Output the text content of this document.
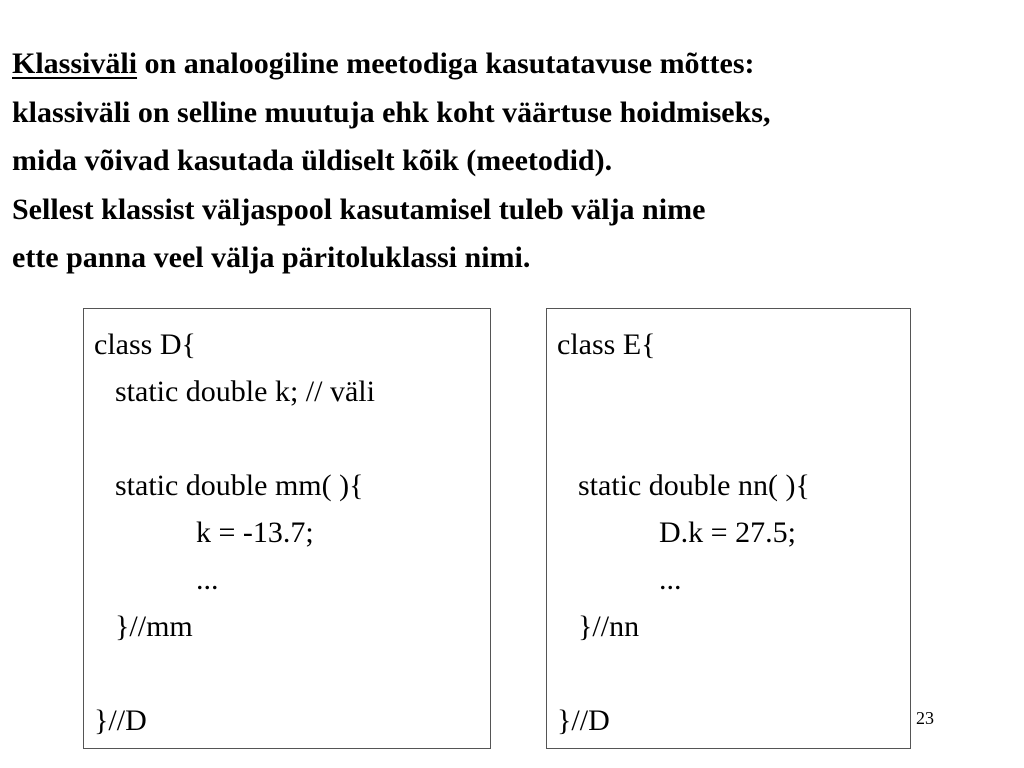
Klassiväli on analoogiline meetodiga kasutatavuse mõttes:
klassiväli on selline muutuja ehk koht väärtuse hoidmiseks,
mida võivad kasutada üldiselt kõik (meetodid).
Sellest klassist väljaspool kasutamisel tuleb välja nime
ette panna veel välja päritoluklassi nimi.
class D{
static double k; // väli
static double mm( ){
k = -13.7;
...
}//mm
}//D
class E{
static double nn( ){
D.k = 27.5;
...
}//nn
}//D	23
